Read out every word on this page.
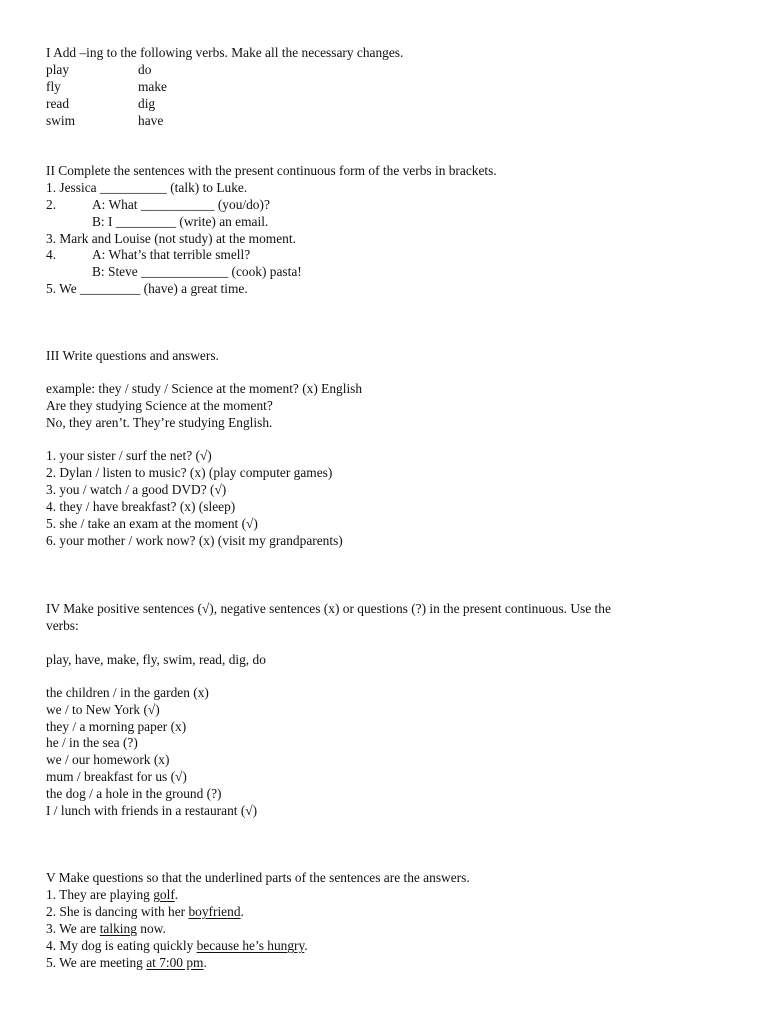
I Add –ing to the following verbs. Make all the necessary changes.
play	do
fly	make
read	dig
swim	have
II Complete the sentences with the present continuous form of the verbs in brackets.
1. Jessica __________ (talk) to Luke.
2.	A: What ___________ (you/do)?
B: I _________ (write) an email.
3. Mark and Louise (not study) at the moment.
4.	A: What’s that terrible smell?
B: Steve _____________ (cook) pasta!
5. We _________ (have) a great time.
III Write questions and answers.
example: they / study / Science at the moment? (x) English
Are they studying Science at the moment?
No, they aren’t. They’re studying English.
1. your sister / surf the net? (√)
2. Dylan / listen to music? (x) (play computer games)
3. you / watch / a good DVD? (√)
4. they / have breakfast? (x) (sleep)
5. she / take an exam at the moment (√)
6. your mother / work now? (x) (visit my grandparents)
IV Make positive sentences (√), negative sentences (x) or questions (?) in the present continuous. Use the
verbs:
play, have, make, fly, swim, read, dig, do
the children / in the garden (x)
we / to New York (√)
they / a morning paper (x)
he / in the sea (?)
we / our homework (x)
mum / breakfast for us (√)
the dog / a hole in the ground (?)
I / lunch with friends in a restaurant (√)
V Make questions so that the underlined parts of the sentences are the answers.
1. They are playing golf.
2. She is dancing with her boyfriend.
3. We are talking now.
4. My dog is eating quickly because he’s hungry.
5. We are meeting at 7:00 pm.
